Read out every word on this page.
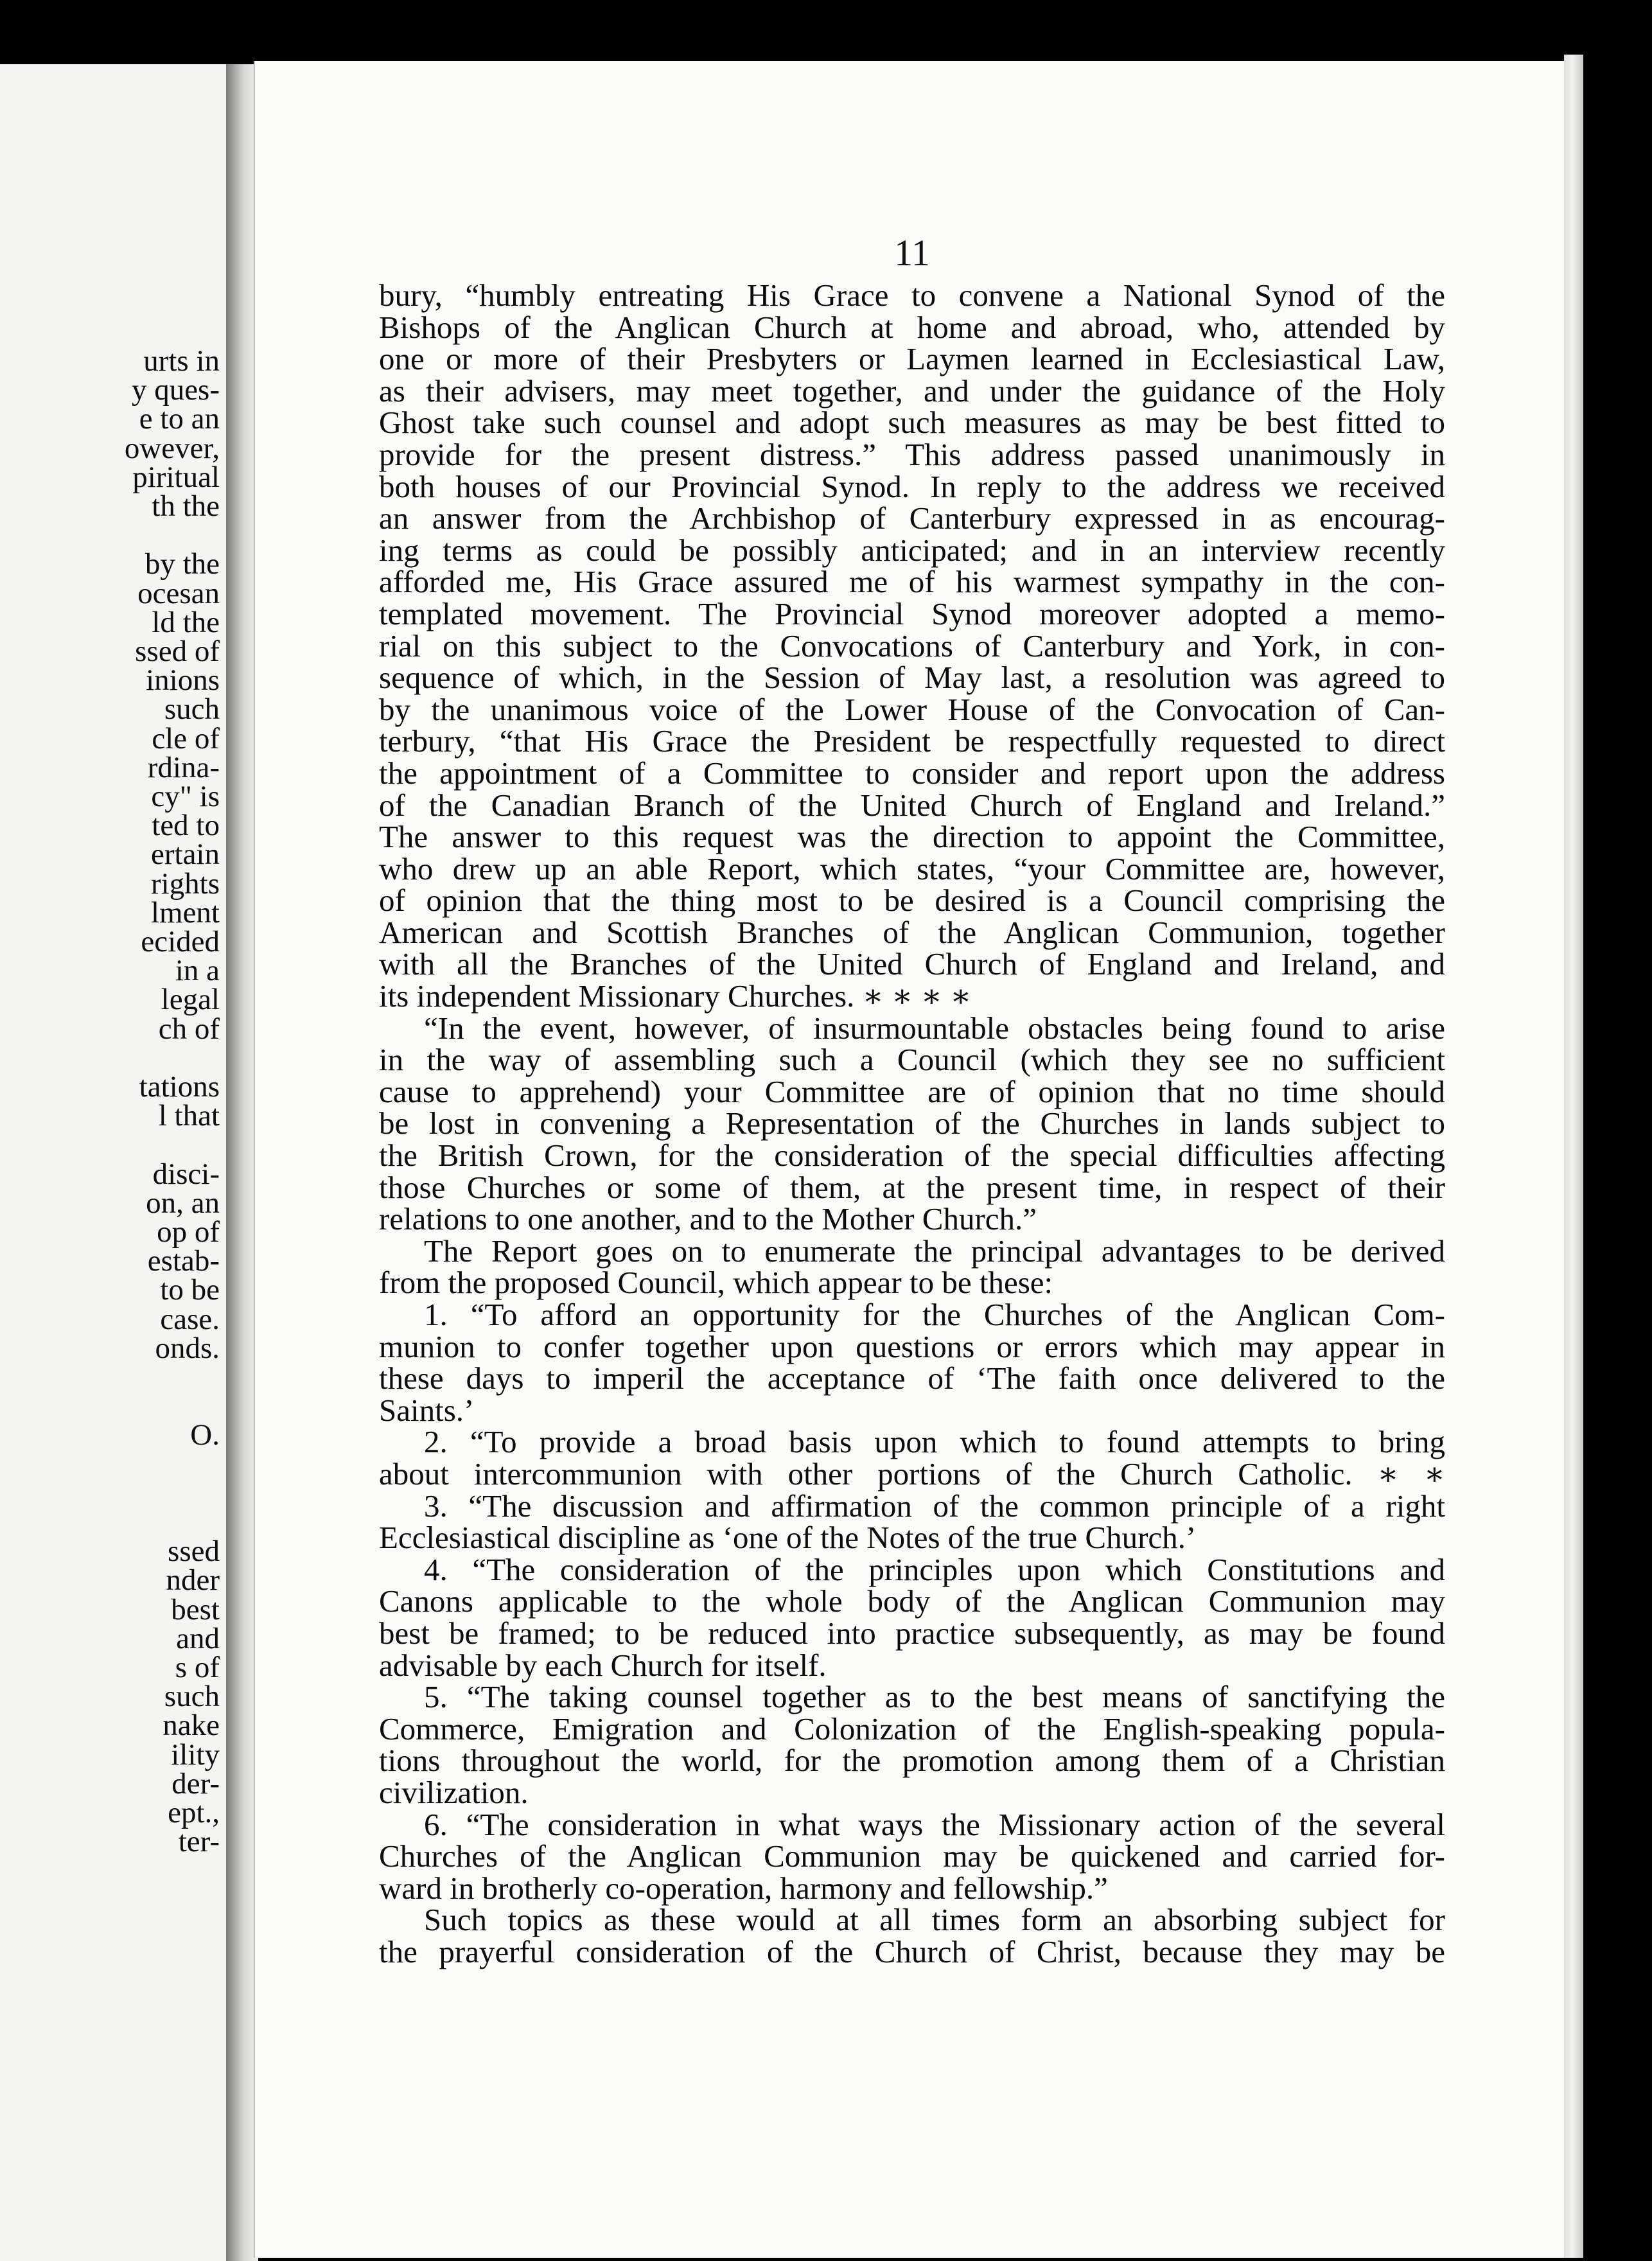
urts in
y ques-
e to an
owever,
piritual
th the
by the
ocesan
ld the
ssed of
inions
such
cle of
rdina-
cy" is
ted to
ertain
rights
lment
ecided
in a
legal
ch of
tations
l that
disci-
on, an
op of
estab-
to be
case.
onds.
O.
ssed
nder
best
and
s of
such
nake
ility
der-
ept.,
ter-
11
bury, “humbly entreating His Grace to convene a National Synod of the
Bishops of the Anglican Church at home and abroad, who, attended by
one or more of their Presbyters or Laymen learned in Ecclesiastical Law,
as their advisers, may meet together, and under the guidance of the Holy
Ghost take such counsel and adopt such measures as may be best fitted to
provide for the present distress.” This address passed unanimously in
both houses of our Provincial Synod. In reply to the address we received
an answer from the Archbishop of Canterbury expressed in as encourag-
ing terms as could be possibly anticipated; and in an interview recently
afforded me, His Grace assured me of his warmest sympathy in the con-
templated movement. The Provincial Synod moreover adopted a memo-
rial on this subject to the Convocations of Canterbury and York, in con-
sequence of which, in the Session of May last, a resolution was agreed to
by the unanimous voice of the Lower House of the Convocation of Can-
terbury, “that His Grace the President be respectfully requested to direct
the appointment of a Committee to consider and report upon the address
of the Canadian Branch of the United Church of England and Ireland.”
The answer to this request was the direction to appoint the Committee,
who drew up an able Report, which states, “your Committee are, however,
of opinion that the thing most to be desired is a Council comprising the
American and Scottish Branches of the Anglican Communion, together
with all the Branches of the United Church of England and Ireland, and
its independent Missionary Churches. ∗ ∗ ∗ ∗
“In the event, however, of insurmountable obstacles being found to arise
in the way of assembling such a Council (which they see no sufficient
cause to apprehend) your Committee are of opinion that no time should
be lost in convening a Representation of the Churches in lands subject to
the British Crown, for the consideration of the special difficulties affecting
those Churches or some of them, at the present time, in respect of their
relations to one another, and to the Mother Church.”
The Report goes on to enumerate the principal advantages to be derived
from the proposed Council, which appear to be these:
1. “To afford an opportunity for the Churches of the Anglican Com-
munion to confer together upon questions or errors which may appear in
these days to imperil the acceptance of ‘The faith once delivered to the
Saints.’
2. “To provide a broad basis upon which to found attempts to bring
about intercommunion with other portions of the Church Catholic. ∗ ∗
3. “The discussion and affirmation of the common principle of a right
Ecclesiastical discipline as ‘one of the Notes of the true Church.’
4. “The consideration of the principles upon which Constitutions and
Canons applicable to the whole body of the Anglican Communion may
best be framed; to be reduced into practice subsequently, as may be found
advisable by each Church for itself.
5. “The taking counsel together as to the best means of sanctifying the
Commerce, Emigration and Colonization of the English-speaking popula-
tions throughout the world, for the promotion among them of a Christian
civilization.
6. “The consideration in what ways the Missionary action of the several
Churches of the Anglican Communion may be quickened and carried for-
ward in brotherly co-operation, harmony and fellowship.”
Such topics as these would at all times form an absorbing subject for
the prayerful consideration of the Church of Christ, because they may be
